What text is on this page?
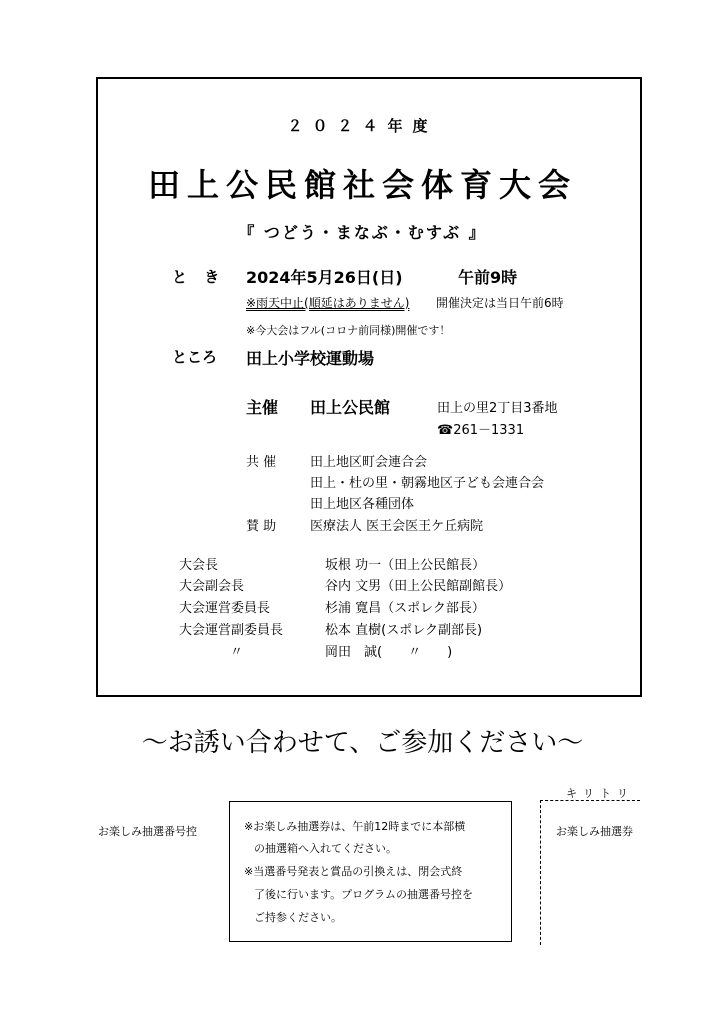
２０２４年度
田上公民館社会体育大会
『 つどう・まなぶ・むすぶ 』
と き 2024年5月26日(日)	午前9時
※雨天中止(順延はありません) 開催決定は当日午前6時
※今大会はフル(コロナ前同様)開催です！
ところ 田上小学校運動場
主催 田上公民館	田上の里2丁目3番地
☎261－1331
共 催	田上地区町会連合会
田上・杜の里・朝霧地区子ども会連合会
田上地区各種団体
賛 助	医療法人 医王会医王ケ丘病院
大会長	坂根 功一（田上公民館長）
大会副会長	谷内 文男（田上公民館副館長）
大会運営委員長	杉浦 寛昌（スポレク部長）
大会運営副委員長	松本 直樹(スポレク副部長)
〃	岡田　誠(　　〃　　)
～お誘い合わせて、ご参加ください～
お楽しみ抽選番号控	※お楽しみ抽選券は、午前12時までに本部横
の抽選箱へ入れてください。
※当選番号発表と賞品の引換えは、閉会式終
了後に行います。プログラムの抽選番号控を
ご持参ください。
キリトリ
お楽しみ抽選券
